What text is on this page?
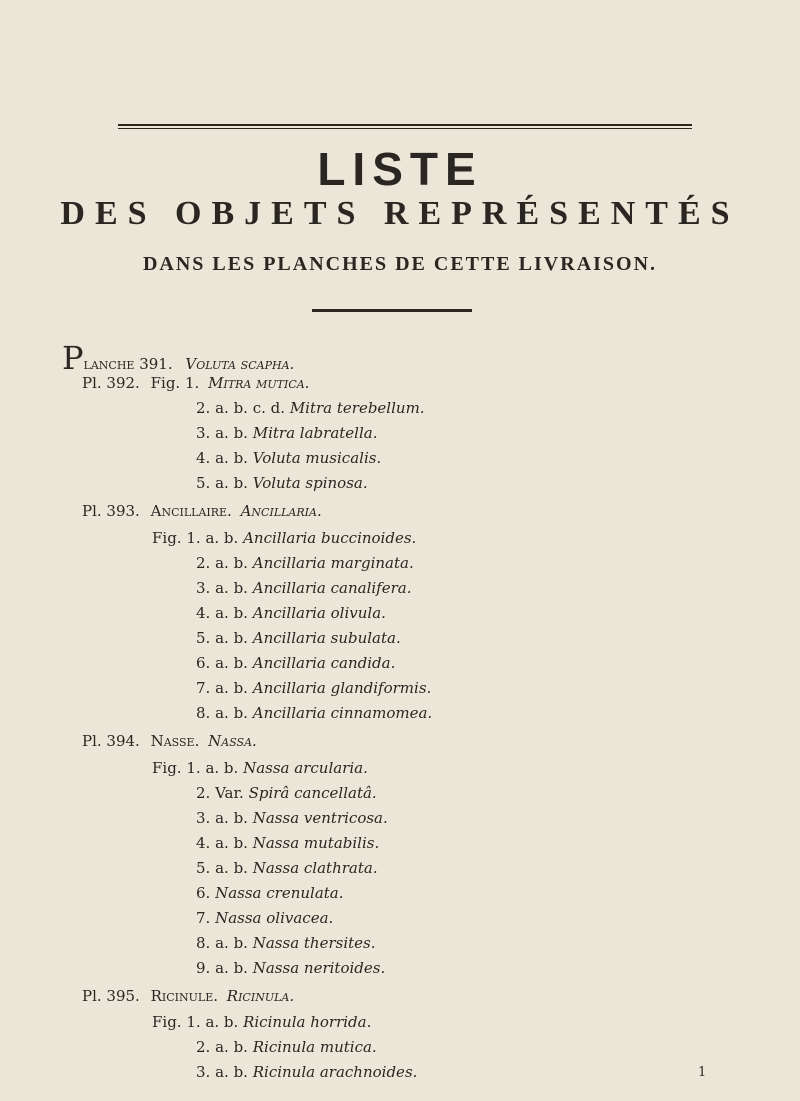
LISTE
DES OBJETS REPRÉSENTÉS
DANS LES PLANCHES DE CETTE LIVRAISON.
Planche 391. Voluta scapha.
Pl. 392. Fig. 1. Mitra mutica.
2. a. b. c. d. Mitra terebellum.
3. a. b. Mitra labratella.
4. a. b. Voluta musicalis.
5. a. b. Voluta spinosa.
Pl. 393. Ancillaire. Ancillaria.
Fig. 1. a. b. Ancillaria buccinoides.
2. a. b. Ancillaria marginata.
3. a. b. Ancillaria canalifera.
4. a. b. Ancillaria olivula.
5. a. b. Ancillaria subulata.
6. a. b. Ancillaria candida.
7. a. b. Ancillaria glandiformis.
8. a. b. Ancillaria cinnamomea.
Pl. 394. Nasse. Nassa.
Fig. 1. a. b. Nassa arcularia.
2. Var. Spirâ cancellatâ.
3. a. b. Nassa ventricosa.
4. a. b. Nassa mutabilis.
5. a. b. Nassa clathrata.
6. Nassa crenulata.
7. Nassa olivacea.
8. a. b. Nassa thersites.
9. a. b. Nassa neritoides.
Pl. 395. Ricinule. Ricinula.
Fig. 1. a. b. Ricinula horrida.
2. a. b. Ricinula mutica.
3. a. b. Ricinula arachnoides.	1
